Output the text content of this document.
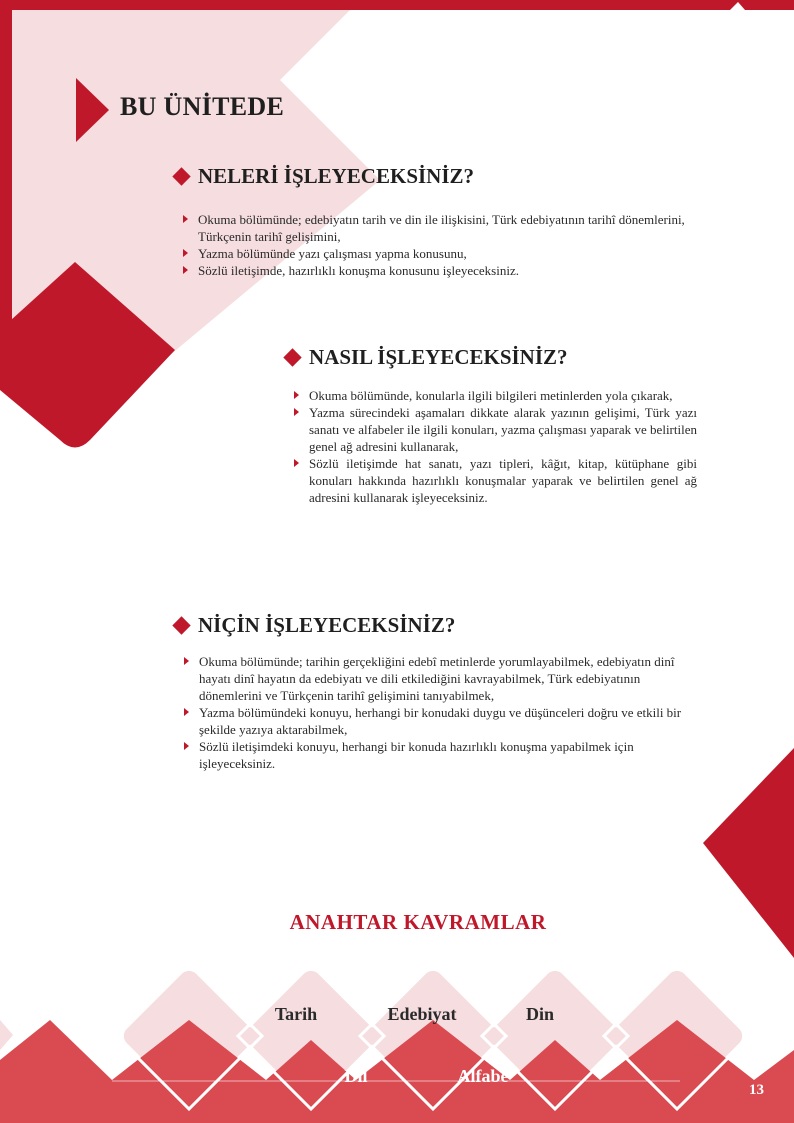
BU ÜNİTEDE
NELERİ İŞLEYECEKSİNİZ?
Okuma bölümünde; edebiyatın tarih ve din ile ilişkisini, Türk edebiyatının tarihî dönemlerini, Türkçenin tarihî gelişimini,
Yazma bölümünde yazı çalışması yapma konusunu,
Sözlü iletişimde, hazırlıklı konuşma konusunu işleyeceksiniz.
NASIL İŞLEYECEKSİNİZ?
Okuma bölümünde, konularla ilgili bilgileri metinlerden yola çıkarak,
Yazma sürecindeki aşamaları dikkate alarak yazının gelişimi, Türk yazı sanatı ve alfabeler ile ilgili konuları, yazma çalışması yaparak ve belirtilen genel ağ adresini kullanarak,
Sözlü iletişimde hat sanatı, yazı tipleri, kâğıt, kitap, kütüphane gibi konuları hakkında hazırlıklı konuşmalar yaparak ve belirtilen genel ağ adresini kullanarak işleyeceksiniz.
NİÇİN İŞLEYECEKSİNİZ?
Okuma bölümünde; tarihin gerçekliğini edebî metinlerde yorumlayabilmek, edebiyatın dinî hayatı dinî hayatın da edebiyatı ve dili etkilediğini kavrayabilmek, Türk edebiyatının dönemlerini ve Türkçenin tarihî gelişimini tanıyabilmek,
Yazma bölümündeki konuyu, herhangi bir konudaki duygu ve düşünceleri doğru ve etkili bir şekilde yazıya aktarabilmek,
Sözlü iletişimdeki konuyu, herhangi bir konuda hazırlıklı konuşma yapabilmek için işleyeceksiniz.
ANAHTAR KAVRAMLAR
Tarih	Edebiyat	Din
Dil	Alfabe
13
